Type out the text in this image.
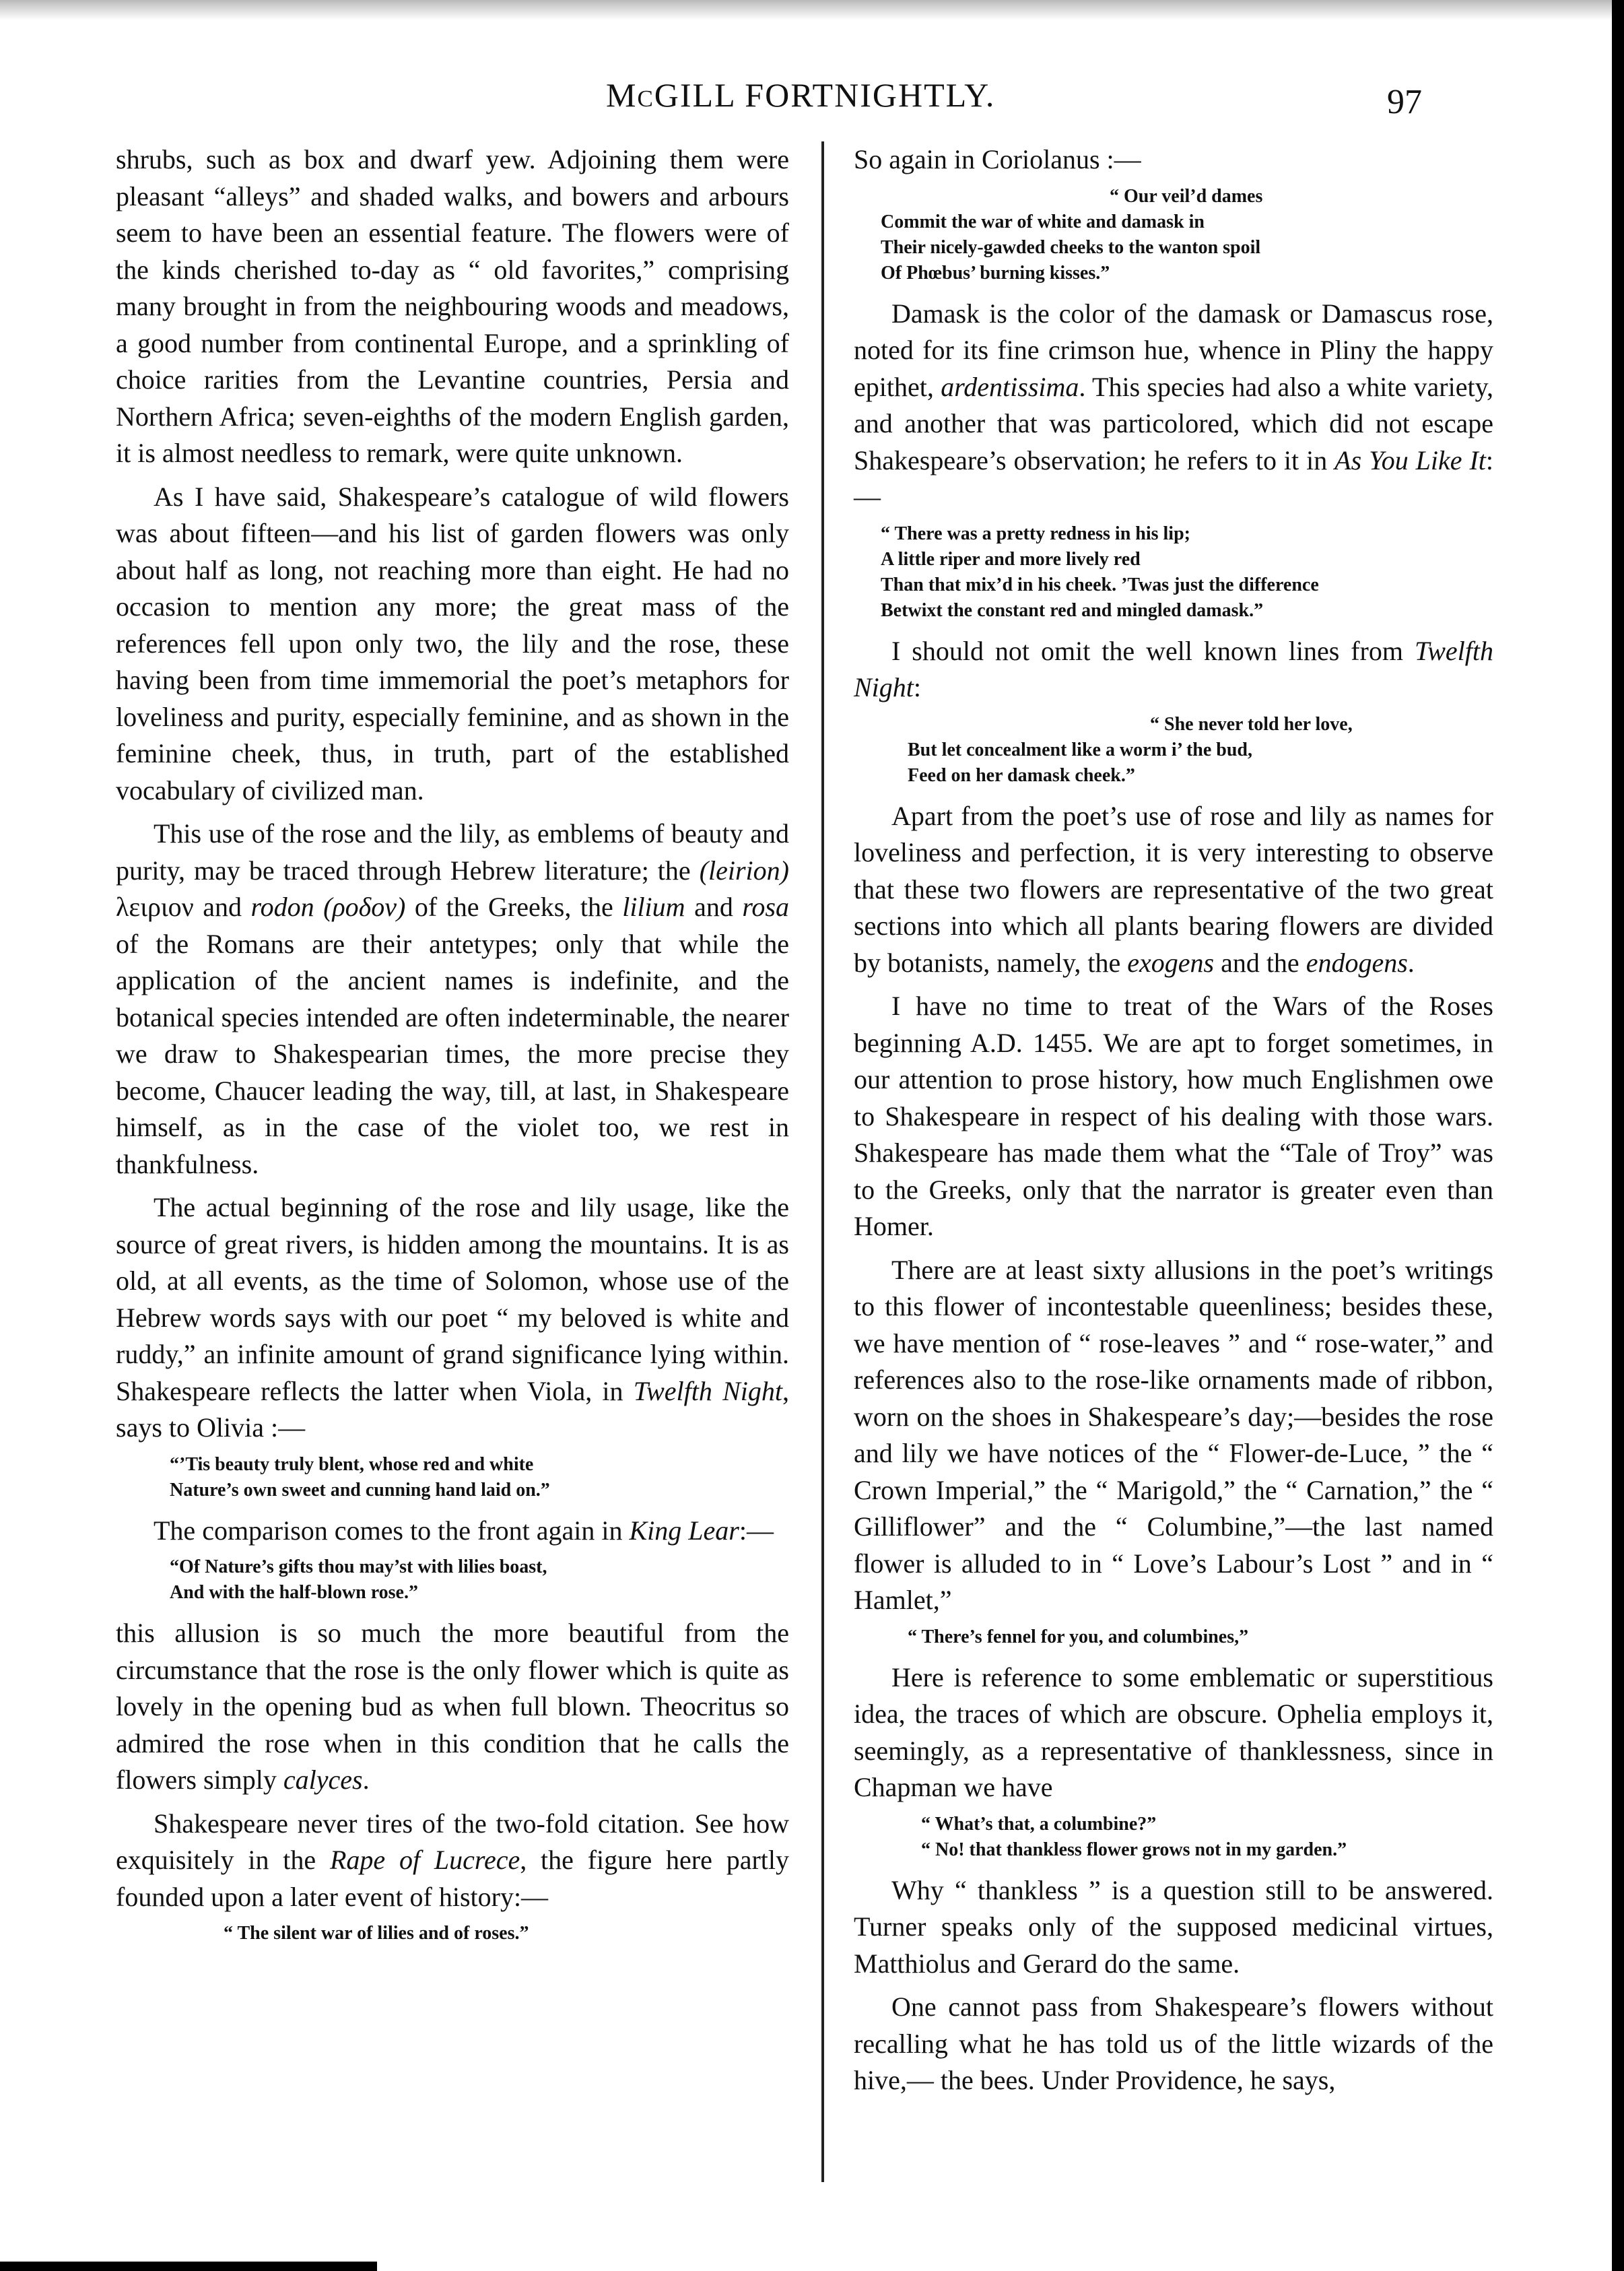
McGILL FORTNIGHTLY.	97

shrubs, such as box and dwarf yew. Adjoining them were pleasant “alleys” and shaded walks, and bowers and arbours seem to have been an essential feature. The flowers were of the kinds cherished to-day as “ old favorites,” comprising many brought in from the neighbouring woods and meadows, a good number from continental Europe, and a sprinkling of choice rarities from the Levantine countries, Persia and Northern Africa; seven-eighths of the modern English garden, it is almost needless to remark, were quite unknown.

As I have said, Shakespeare’s catalogue of wild flowers was about fifteen—and his list of garden flowers was only about half as long, not reaching more than eight. He had no occasion to mention any more; the great mass of the references fell upon only two, the lily and the rose, these having been from time immemorial the poet’s metaphors for loveliness and purity, especially feminine, and as shown in the feminine cheek, thus, in truth, part of the established vocabulary of civilized man.

This use of the rose and the lily, as emblems of beauty and purity, may be traced through Hebrew literature; the (leirion) λειριον and rodon (ροδον) of the Greeks, the lilium and rosa of the Romans are their antetypes; only that while the application of the ancient names is indefinite, and the botanical species intended are often indeterminable, the nearer we draw to Shakespearian times, the more precise they become, Chaucer leading the way, till, at last, in Shakespeare himself, as in the case of the violet too, we rest in thankfulness.

The actual beginning of the rose and lily usage, like the source of great rivers, is hidden among the mountains. It is as old, at all events, as the time of Solomon, whose use of the Hebrew words says with our poet “ my beloved is white and ruddy,” an infinite amount of grand significance lying within. Shakespeare reflects the latter when Viola, in Twelfth Night, says to Olivia :—

“’Tis beauty truly blent, whose red and white
Nature’s own sweet and cunning hand laid on.”

The comparison comes to the front again in King Lear:—

“Of Nature’s gifts thou may’st with lilies boast,
And with the half-blown rose.”

this allusion is so much the more beautiful from the circumstance that the rose is the only flower which is quite as lovely in the opening bud as when full blown. Theocritus so admired the rose when in this condition that he calls the flowers simply calyces.

Shakespeare never tires of the two-fold citation. See how exquisitely in the Rape of Lucrece, the figure here partly founded upon a later event of history:—

“ The silent war of lilies and of roses.”

So again in Coriolanus :—

“ Our veil’d dames
Commit the war of white and damask in
Their nicely-gawded cheeks to the wanton spoil
Of Phœbus’ burning kisses.”

Damask is the color of the damask or Damascus rose, noted for its fine crimson hue, whence in Pliny the happy epithet, ardentissima. This species had also a white variety, and another that was particolored, which did not escape Shakespeare’s observation; he refers to it in As You Like It:—

“ There was a pretty redness in his lip;
A little riper and more lively red
Than that mix’d in his cheek. ’Twas just the difference
Betwixt the constant red and mingled damask.”

I should not omit the well known lines from Twelfth Night:

“ She never told her love,
But let concealment like a worm i’ the bud,
Feed on her damask cheek.”

Apart from the poet’s use of rose and lily as names for loveliness and perfection, it is very interesting to observe that these two flowers are representative of the two great sections into which all plants bearing flowers are divided by botanists, namely, the exogens and the endogens.

I have no time to treat of the Wars of the Roses beginning A.D. 1455. We are apt to forget sometimes, in our attention to prose history, how much Englishmen owe to Shakespeare in respect of his dealing with those wars. Shakespeare has made them what the “Tale of Troy” was to the Greeks, only that the narrator is greater even than Homer.

There are at least sixty allusions in the poet’s writings to this flower of incontestable queenliness; besides these, we have mention of “ rose-leaves ” and “ rose-water,” and references also to the rose-like ornaments made of ribbon, worn on the shoes in Shakespeare’s day;—besides the rose and lily we have notices of the “ Flower-de-Luce, ” the “ Crown Imperial,” the “ Marigold,” the “ Carnation,” the “ Gilliflower” and the “ Columbine,”—the last named flower is alluded to in “ Love’s Labour’s Lost ” and in “ Hamlet,”

“ There’s fennel for you, and columbines,”

Here is reference to some emblematic or superstitious idea, the traces of which are obscure. Ophelia employs it, seemingly, as a representative of thanklessness, since in Chapman we have

“ What’s that, a columbine?”
“ No! that thankless flower grows not in my garden.”

Why “ thankless ” is a question still to be answered. Turner speaks only of the supposed medicinal virtues, Matthiolus and Gerard do the same.

One cannot pass from Shakespeare’s flowers without recalling what he has told us of the little wizards of the hive,— the bees. Under Providence, he says,
